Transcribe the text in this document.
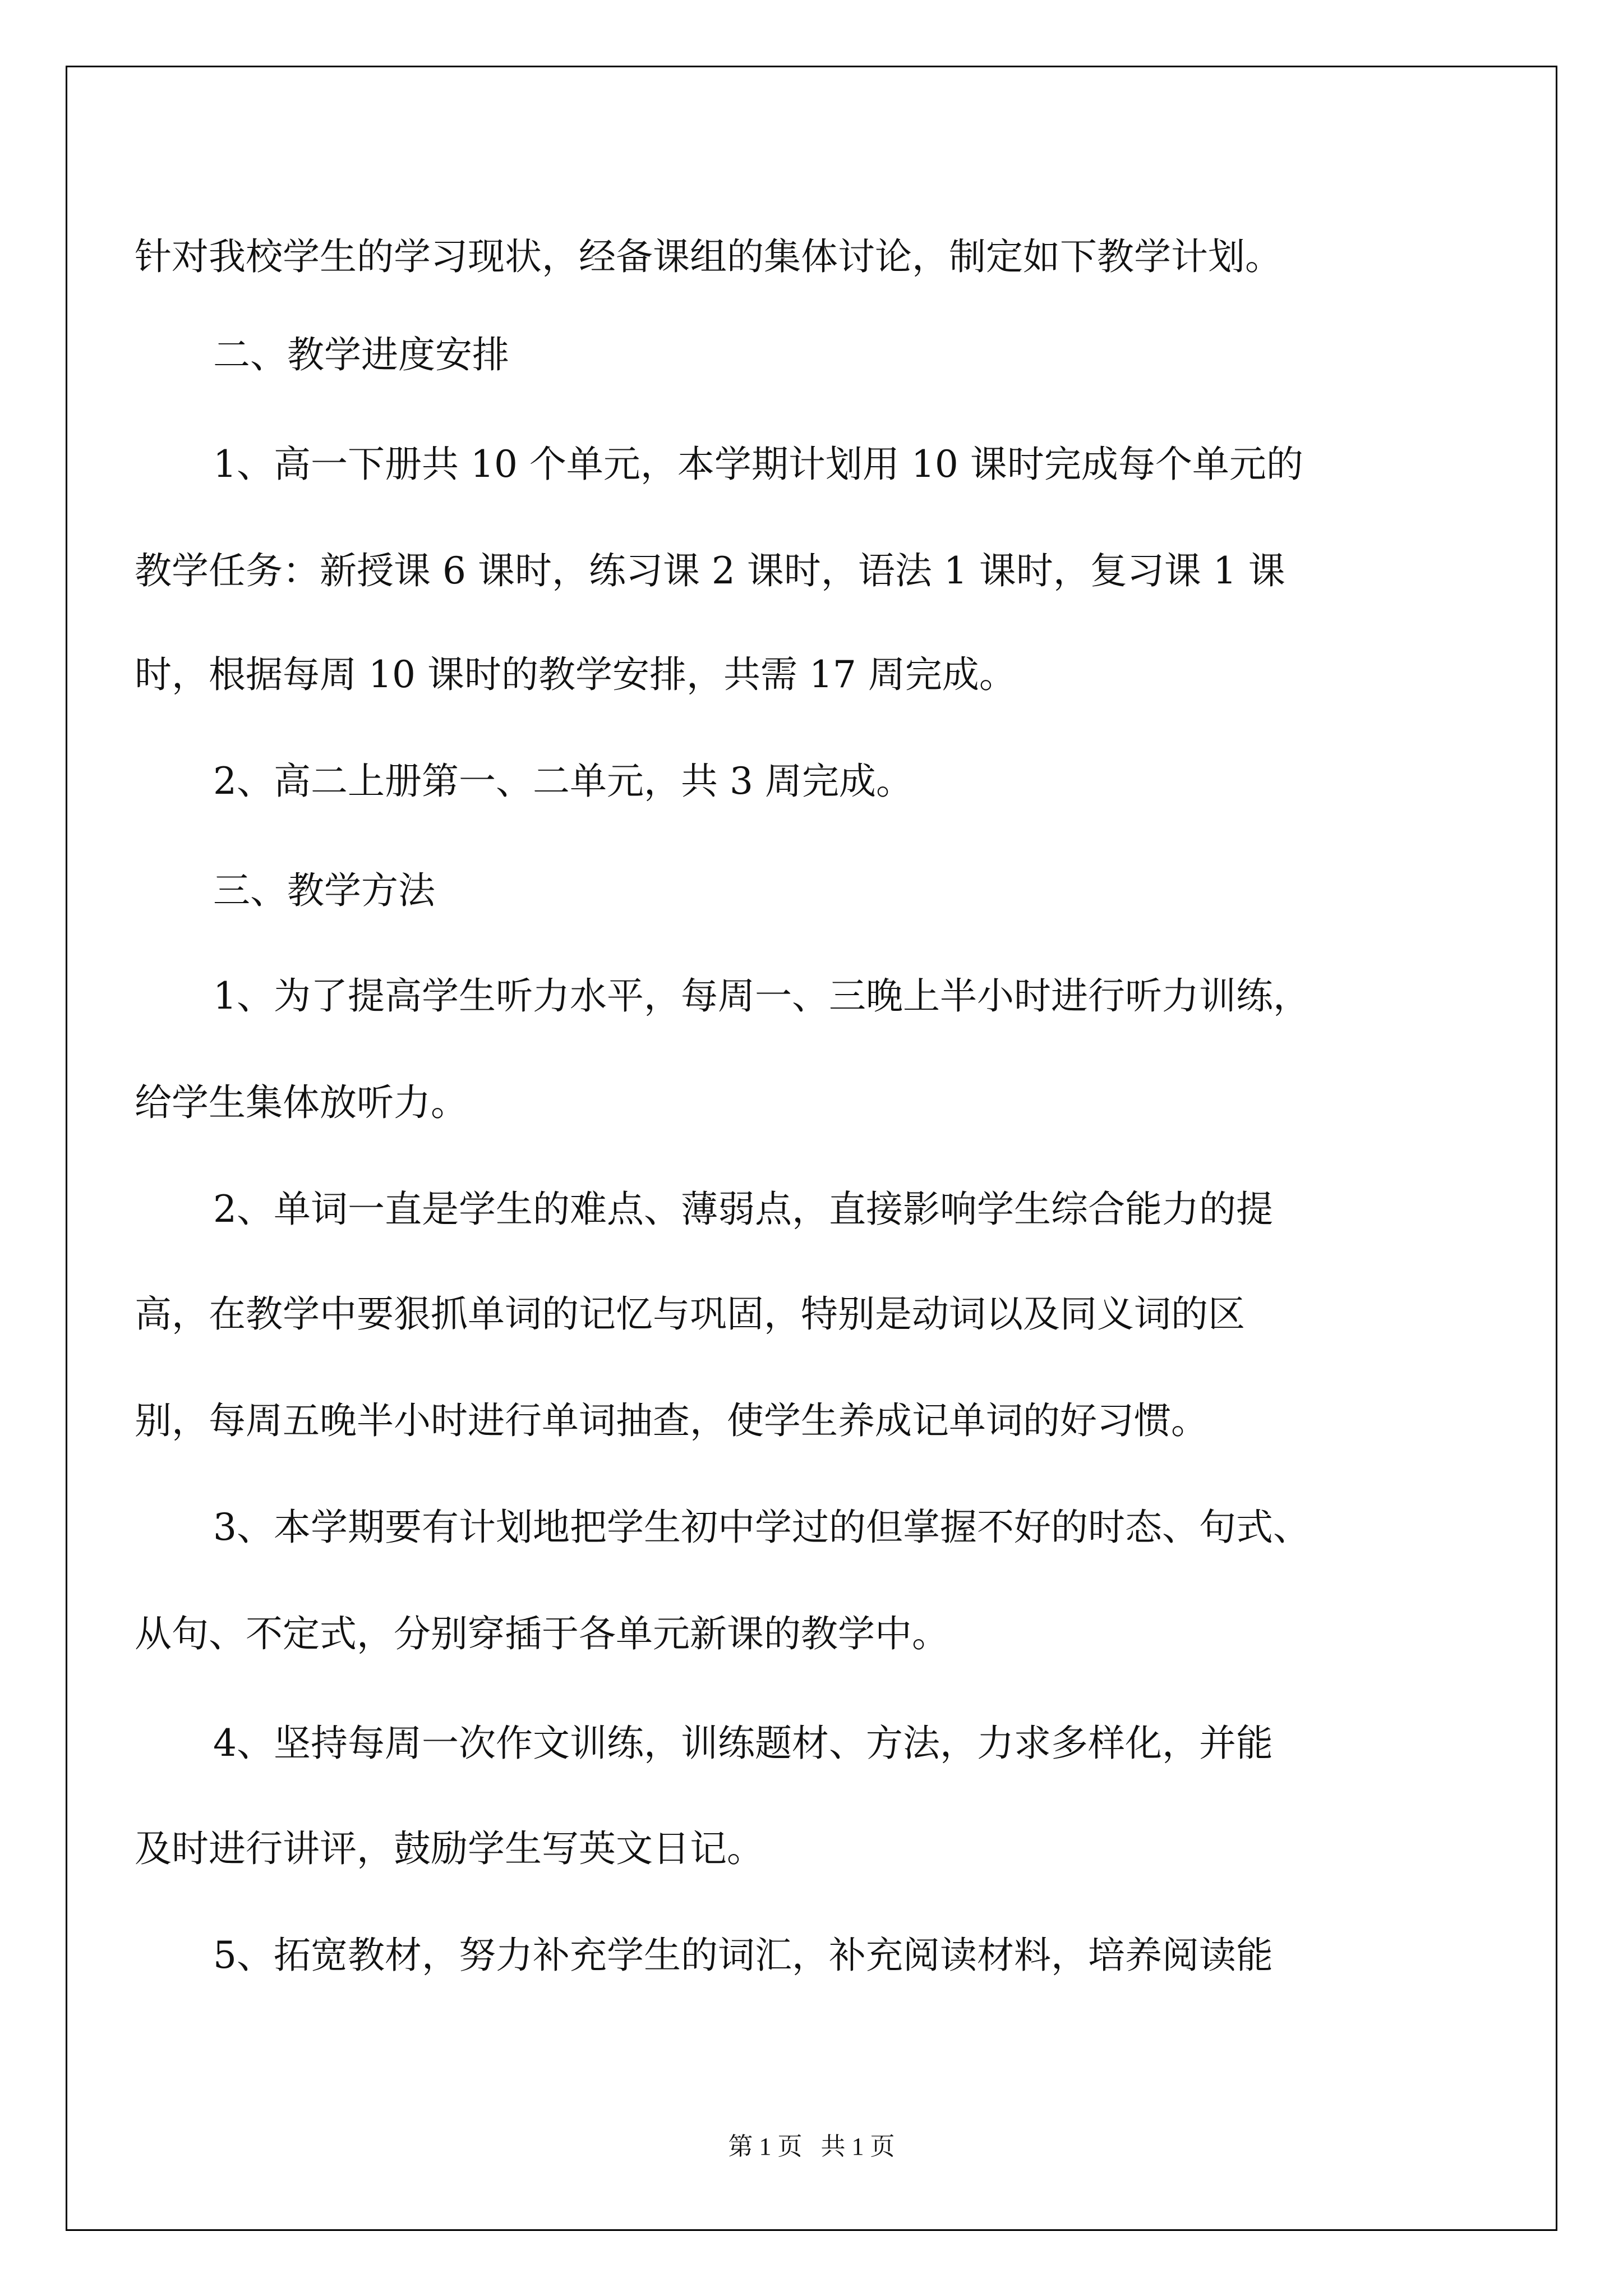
针对我校学生的学习现状，经备课组的集体讨论，制定如下教学计划。
二、教学进度安排
1、高一下册共 10 个单元，本学期计划用 10 课时完成每个单元的
教学任务：新授课 6 课时，练习课 2 课时，语法 1 课时，复习课 1 课
时，根据每周 10 课时的教学安排，共需 17 周完成。
2、高二上册第一、二单元，共 3 周完成。
三、教学方法
1、为了提高学生听力水平，每周一、三晚上半小时进行听力训练，
给学生集体放听力。
2、单词一直是学生的难点、薄弱点，直接影响学生综合能力的提
高，在教学中要狠抓单词的记忆与巩固，特别是动词以及同义词的区
别，每周五晚半小时进行单词抽查，使学生养成记单词的好习惯。
3、本学期要有计划地把学生初中学过的但掌握不好的时态、句式、
从句、不定式，分别穿插于各单元新课的教学中。
4、坚持每周一次作文训练，训练题材、方法，力求多样化，并能
及时进行讲评，鼓励学生写英文日记。
5、拓宽教材，努力补充学生的词汇，补充阅读材料，培养阅读能
第 1 页   共 1 页
